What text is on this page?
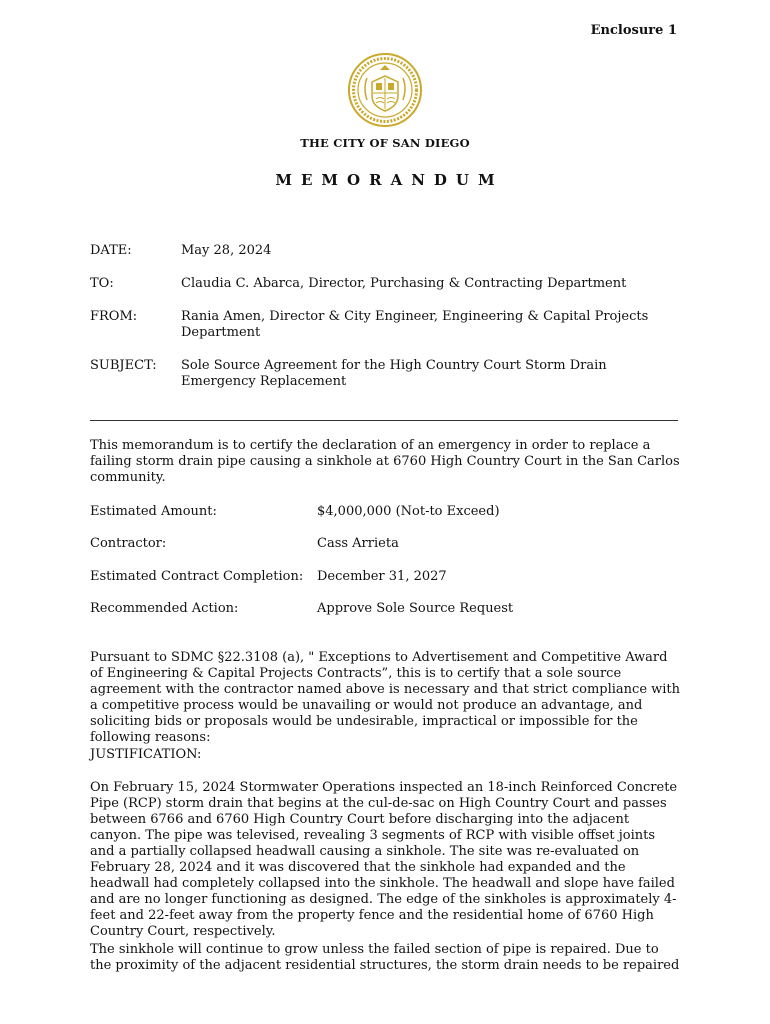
Enclosure 1
THE CITY OF SAN DIEGO
MEMORANDUM
DATE:	May 28, 2024
TO:	Claudia C. Abarca, Director, Purchasing & Contracting Department
FROM:	Rania Amen, Director & City Engineer, Engineering & Capital Projects Department
SUBJECT: Sole Source Agreement for the High Country Court Storm Drain Emergency Replacement
This memorandum is to certify the declaration of an emergency in order to replace a failing storm drain pipe causing a sinkhole at 6760 High Country Court in the San Carlos community.
Estimated Amount:	$4,000,000 (Not-to Exceed)
Contractor:	Cass Arrieta
Estimated Contract Completion: December 31, 2027
Recommended Action:	Approve Sole Source Request
Pursuant to SDMC §22.3108 (a), " Exceptions to Advertisement and Competitive Award of Engineering & Capital Projects Contracts”, this is to certify that a sole source agreement with the contractor named above is necessary and that strict compliance with a competitive process would be unavailing or would not produce an advantage, and soliciting bids or proposals would be undesirable, impractical or impossible for the following reasons:
JUSTIFICATION:
On February 15, 2024 Stormwater Operations inspected an 18-inch Reinforced Concrete Pipe (RCP) storm drain that begins at the cul-de-sac on High Country Court and passes between 6766 and 6760 High Country Court before discharging into the adjacent canyon. The pipe was televised, revealing 3 segments of RCP with visible offset joints and a partially collapsed headwall causing a sinkhole. The site was re-evaluated on February 28, 2024 and it was discovered that the sinkhole had expanded and the headwall had completely collapsed into the sinkhole. The headwall and slope have failed and are no longer functioning as designed. The edge of the sinkholes is approximately 4-feet and 22-feet away from the property fence and the residential home of 6760 High Country Court, respectively.
The sinkhole will continue to grow unless the failed section of pipe is repaired. Due to the proximity of the adjacent residential structures, the storm drain needs to be repaired
